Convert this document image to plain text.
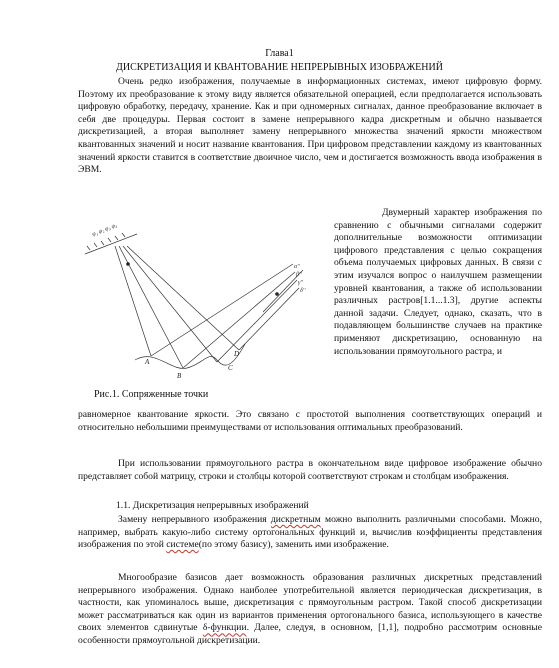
Глава1
ДИСКРЕТИЗАЦИЯ И КВАНТОВАНИЕ НЕПРЕРЫВНЫХ ИЗОБРАЖЕНИЙ

Очень редко изображения, получаемые в информационных системах, имеют цифровую форму. Поэтому их преобразование к этому виду является обязательной операцией, если предполагается использовать цифровую обработку, передачу, хранение. Как и при одномерных сигналах, данное преобразование включает в себя две процедуры. Первая состоит в замене непрерывного кадра дискретным и обычно называется дискретизацией, а вторая выполняет замену непрерывного множества значений яркости множеством квантованных значений и носит название квантования. При цифровом представлении каждому из квантованных значений яркости ставится в соответствие двоичное число, чем и достигается возможность ввода изображения в ЭВМ.

φ₁ φ₂ φ₃ φ₄
α''
β''
γ''
δ''
A
B
C
D
Рис.1. Сопряженные точки

Двумерный характер изображения по сравнению с обычными сигналами содержит дополнительные возможности оптимизации цифрового представления с целью сокращения объема получаемых цифровых данных. В связи с этим изучался вопрос о наилучшем размещении уровней квантования, а также об использовании различных растров[1.1...1.3], другие аспекты данной задачи. Следует, однако, сказать, что в подавляющем большинстве случаев на практике применяют дискретизацию, основанную на использовании прямоугольного растра, и

равномерное квантование яркости. Это связано с простотой выполнения соответствующих операций и относительно небольшими преимуществами от использования оптимальных преобразований.

При использовании прямоугольного растра в окончательном виде цифровое изображение обычно представляет собой матрицу, строки и столбцы которой соответствуют строкам и столбцам изображения.

1.1. Дискретизация непрерывных изображений

Замену непрерывного изображения дискретным можно выполнить различными способами. Можно, например, выбрать какую-либо систему ортогональных функций и, вычислив коэффициенты представления изображения по этой системе(по этому базису), заменить ими изображение.

Многообразие базисов дает возможность образования различных дискретных представлений непрерывного изображения. Однако наиболее употребительной является периодическая дискретизация, в частности, как упоминалось выше, дискретизация с прямоугольным растром. Такой способ дискретизации может рассматриваться как один из вариантов применения ортогонального базиса, использующего в качестве своих элементов сдвинутые δ-функции. Далее, следуя, в основном, [1,1], подробно рассмотрим основные особенности прямоугольной дискретизации.
